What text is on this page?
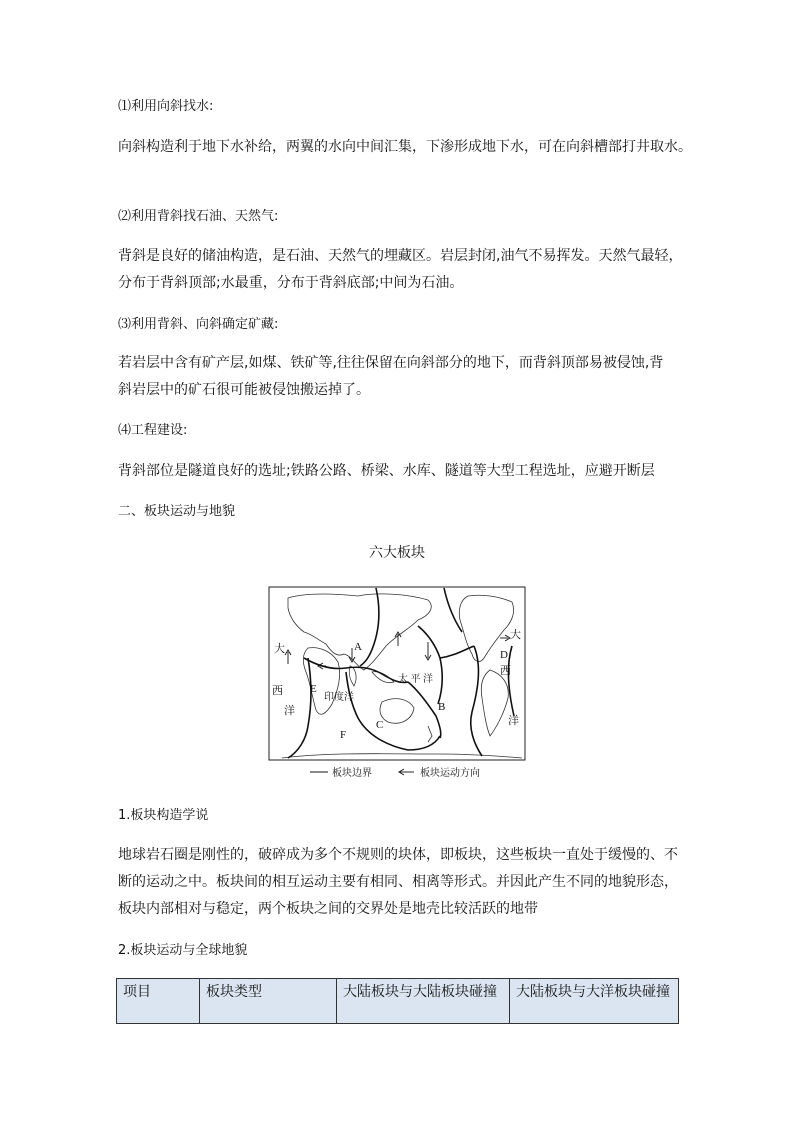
⑴利用向斜找水:

向斜构造利于地下水补给，两翼的水向中间汇集，下渗形成地下水，可在向斜槽部打井取水。

⑵利用背斜找石油、天然气:

背斜是良好的储油构造，是石油、天然气的埋藏区。岩层封闭,油气不易挥发。天然气最轻，

分布于背斜顶部;水最重，分布于背斜底部;中间为石油。

⑶利用背斜、向斜确定矿藏:

若岩层中含有矿产层,如煤、铁矿等,往往保留在向斜部分的地下，而背斜顶部易被侵蚀,背

斜岩层中的矿石很可能被侵蚀搬运掉了。

⑷工程建设:

背斜部位是隧道良好的选址;铁路公路、桥梁、水库、隧道等大型工程选址，应避开断层

二、板块运动与地貌

六大板块
大
西
洋
A
E
印度洋
太 平 洋
B
C
F
大
D
西
洋
板块边界	板块运动方向

1.板块构造学说

地球岩石圈是刚性的，破碎成为多个不规则的块体，即板块，这些板块一直处于缓慢的、不

断的运动之中。板块间的相互运动主要有相同、相离等形式。并因此产生不同的地貌形态，

板块内部相对与稳定，两个板块之间的交界处是地壳比较活跃的地带

2.板块运动与全球地貌

项目	板块类型	大陆板块与大陆板块碰撞	大陆板块与大洋板块碰撞
